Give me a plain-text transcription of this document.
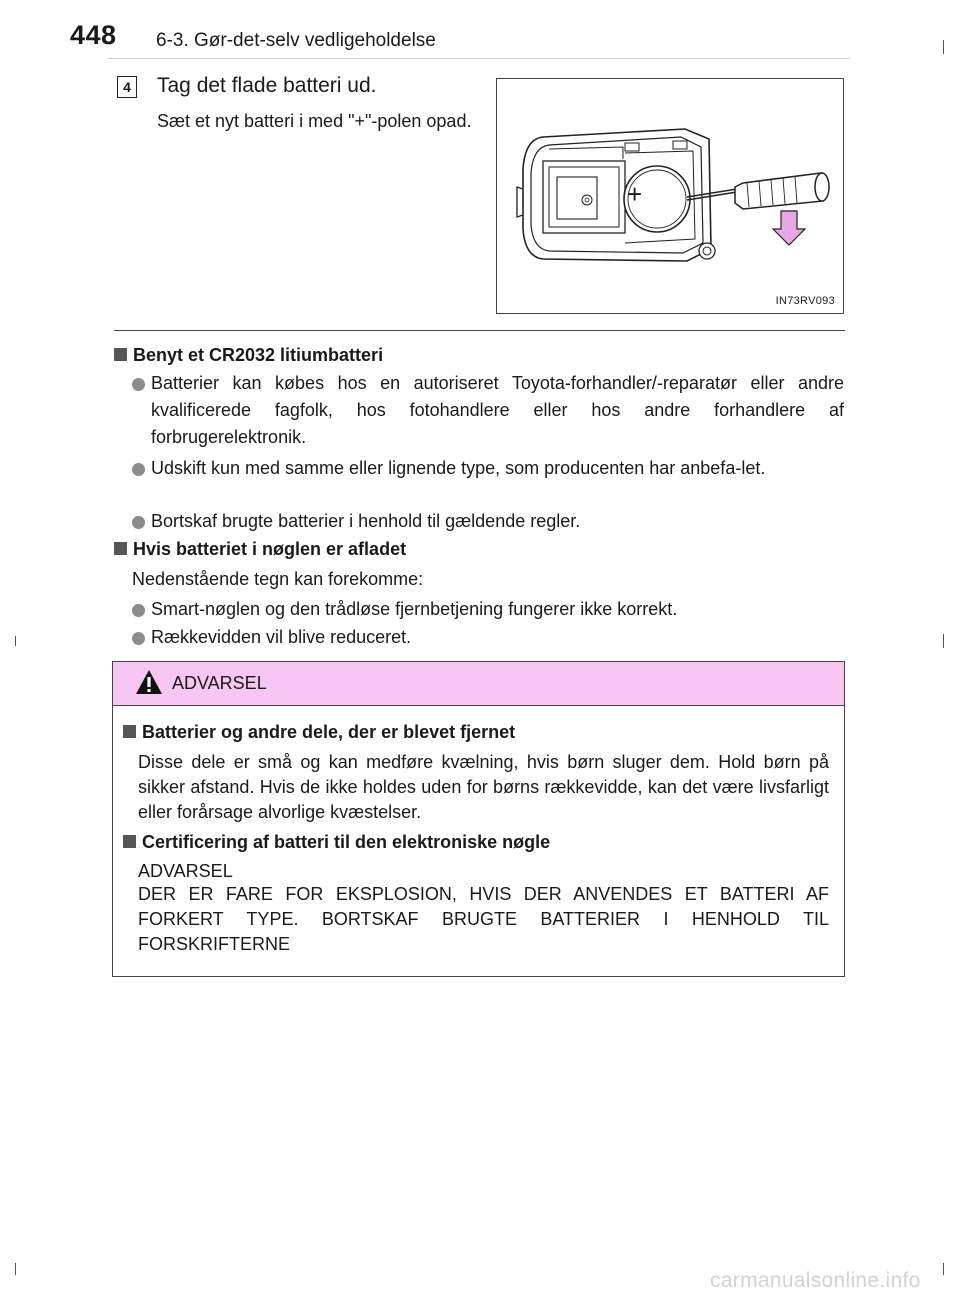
448 6-3. Gør-det-selv vedligeholdelse
4 Tag det flade batteri ud.
Sæt et nyt batteri i med "+"-polen opad.
+
IN73RV093
Benyt et CR2032 litiumbatteri
Batterier kan købes hos en autoriseret Toyota-forhandler/-reparatør eller andre kvalificerede fagfolk, hos fotohandlere eller hos andre forhandlere af forbrugerelektronik.
Udskift kun med samme eller lignende type, som producenten har anbefa-let.
Bortskaf brugte batterier i henhold til gældende regler.
Hvis batteriet i nøglen er afladet
Nedenstående tegn kan forekomme:
Smart-nøglen og den trådløse fjernbetjening fungerer ikke korrekt.
Rækkevidden vil blive reduceret.
ADVARSEL
Batterier og andre dele, der er blevet fjernet
Disse dele er små og kan medføre kvælning, hvis børn sluger dem. Hold børn på sikker afstand. Hvis de ikke holdes uden for børns rækkevidde, kan det være livsfarligt eller forårsage alvorlige kvæstelser.
Certificering af batteri til den elektroniske nøgle
ADVARSEL
DER ER FARE FOR EKSPLOSION, HVIS DER ANVENDES ET BATTERI AF FORKERT TYPE. BORTSKAF BRUGTE BATTERIER I HENHOLD TIL FORSKRIFTERNE
carmanualsonline.info
